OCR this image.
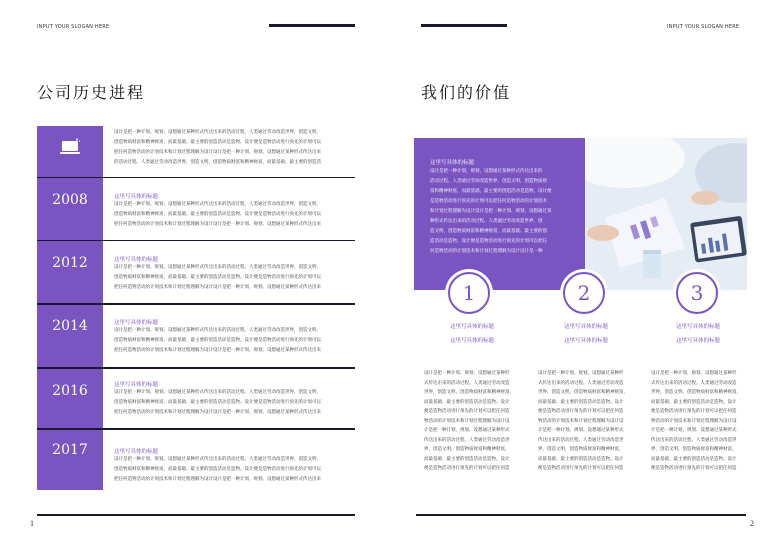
INPUT YOUR SLOGAN HERE
公司历史进程
2008
2012
2014
2016
2017
设计是把一种计划、规划、设想通过某种形式传达出来的活动过程。人类通过劳动改造世界，创造文明，
创造物质财富和精神财富，而最基础、最主要的创造活动是造物。设计便是造物活动进行预先的计划可以
把任何造物活动的计划技术和计划过程理解为设计设计是把一种计划、规划、设想通过某种形式传达出来
的活动过程。人类通过劳动改造世界，创造文明，创造物质财富和精神财富，而最基础、最主要的创造活
这里写具体的标题
设计是把一种计划、规划、设想通过某种形式传达出来的活动过程。人类通过劳动改造世界，创造文明，
创造物质财富和精神财富，而最基础、最主要的创造活动是造物。设计便是造物活动进行预先的计划可以
把任何造物活动的计划技术和计划过程理解为设计设计是把一种计划、规划、设想通过某种形式传达出来
这里写具体的标题
设计是把一种计划、规划、设想通过某种形式传达出来的活动过程。人类通过劳动改造世界，创造文明，
创造物质财富和精神财富，而最基础、最主要的创造活动是造物。设计便是造物活动进行预先的计划可以
把任何造物活动的计划技术和计划过程理解为设计设计是把一种计划、规划、设想通过某种形式传达出来
这里写具体的标题
设计是把一种计划、规划、设想通过某种形式传达出来的活动过程。人类通过劳动改造世界，创造文明，
创造物质财富和精神财富，而最基础、最主要的创造活动是造物。设计便是造物活动进行预先的计划可以
把任何造物活动的计划技术和计划过程理解为设计设计是把一种计划、规划、设想通过某种形式传达出来
这里写具体的标题
设计是把一种计划、规划、设想通过某种形式传达出来的活动过程。人类通过劳动改造世界，创造文明，
创造物质财富和精神财富，而最基础、最主要的创造活动是造物。设计便是造物活动进行预先的计划可以
把任何造物活动的计划技术和计划过程理解为设计设计是把一种计划、规划、设想通过某种形式传达出来
这里写具体的标题
设计是把一种计划、规划、设想通过某种形式传达出来的活动过程。人类通过劳动改造世界，创造文明，
创造物质财富和精神财富，而最基础、最主要的创造活动是造物。设计便是造物活动进行预先的计划可以
把任何造物活动的计划技术和计划过程理解为设计设计是把一种计划、规划、设想通过某种形式传达出来
1
INPUT YOUR SLOGAN HERE
我们的价值
2
这里写具体的标题
设计是把一种计划、规划、设想通过某种形式传达出来的
活动过程。人类通过劳动改造世界，创造文明，创造物质财
富和精神财富，而最基础、最主要的创造活动是造物。设计便
是造物活动进行预先的计划可以把任何造物活动的计划技术
和计划过程理解为设计设计是把一种计划、规划、设想通过某
种形式传达出来的活动过程。人类通过劳动改造世界，创
造文明，创造物质财富和精神财富，而最基础、最主要的创
造活动是造物。设计便是造物活动进行预先的计划可以把任
何造物活动的计划技术和计划过程理解为设计设计是一种
1	2	3
这里写具体的标题
这里写具体的标题
这里写具体的标题
这里写具体的标题
这里写具体的标题
这里写具体的标题
设计是把一种计划、规划、设想通过某种形
式传达出来的活动过程。人类通过劳动改造
世界，创造文明，创造物质财富和精神财富，
而最基础、最主要的创造活动是造物。设计
便是造物活动进行预先的计划可以把任何造
物活动的计划技术和计划过程理解为设计设
计是把一种计划、规划、设想通过某种形式
传达出来的活动过程。人类通过劳动改造世
界，创造文明，创造物质财富和精神财富，
而最基础、最主要的创造活动是造物。设计
便是造物活动进行预先的计划可以把任何造
设计是把一种计划、规划、设想通过某种形
式传达出来的活动过程。人类通过劳动改造
世界，创造文明，创造物质财富和精神财富，
而最基础、最主要的创造活动是造物。设计
便是造物活动进行预先的计划可以把任何造
物活动的计划技术和计划过程理解为设计设
计是把一种计划、规划、设想通过某种形式
传达出来的活动过程。人类通过劳动改造世
界，创造文明，创造物质财富和精神财富，
而最基础、最主要的创造活动是造物。设计
便是造物活动进行预先的计划可以把任何造
设计是把一种计划、规划、设想通过某种形
式传达出来的活动过程。人类通过劳动改造
世界，创造文明，创造物质财富和精神财富，
而最基础、最主要的创造活动是造物。设计
便是造物活动进行预先的计划可以把任何造
物活动的计划技术和计划过程理解为设计设
计是把一种计划、规划、设想通过某种形式
传达出来的活动过程。人类通过劳动改造世
界，创造文明，创造物质财富和精神财富，
而最基础、最主要的创造活动是造物。设计
便是造物活动进行预先的计划可以把任何造
